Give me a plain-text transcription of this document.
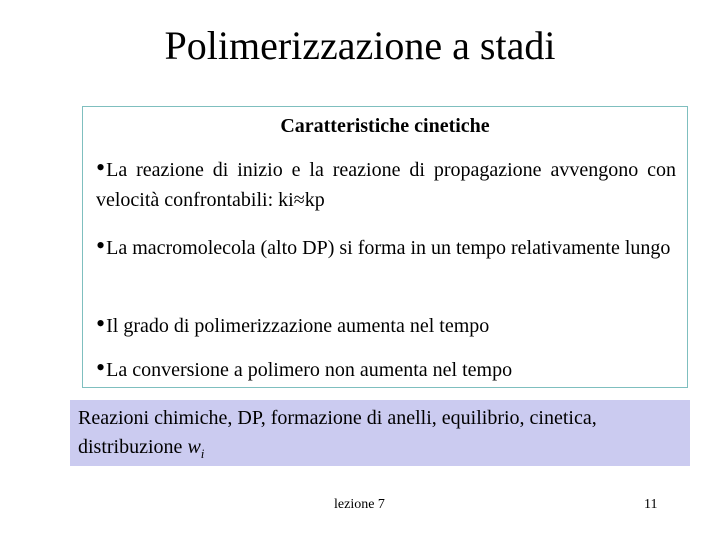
Polimerizzazione a stadi
Caratteristiche cinetiche
•La reazione di inizio e la reazione di propagazione avvengono con velocità confrontabili: ki≈kp
•La macromolecola (alto DP) si forma in un tempo relativamente lungo
•Il grado di polimerizzazione aumenta nel tempo
•La conversione a polimero non aumenta nel tempo
Reazioni chimiche, DP, formazione di anelli, equilibrio, cinetica, distribuzione $w_i$
lezione 7	11
